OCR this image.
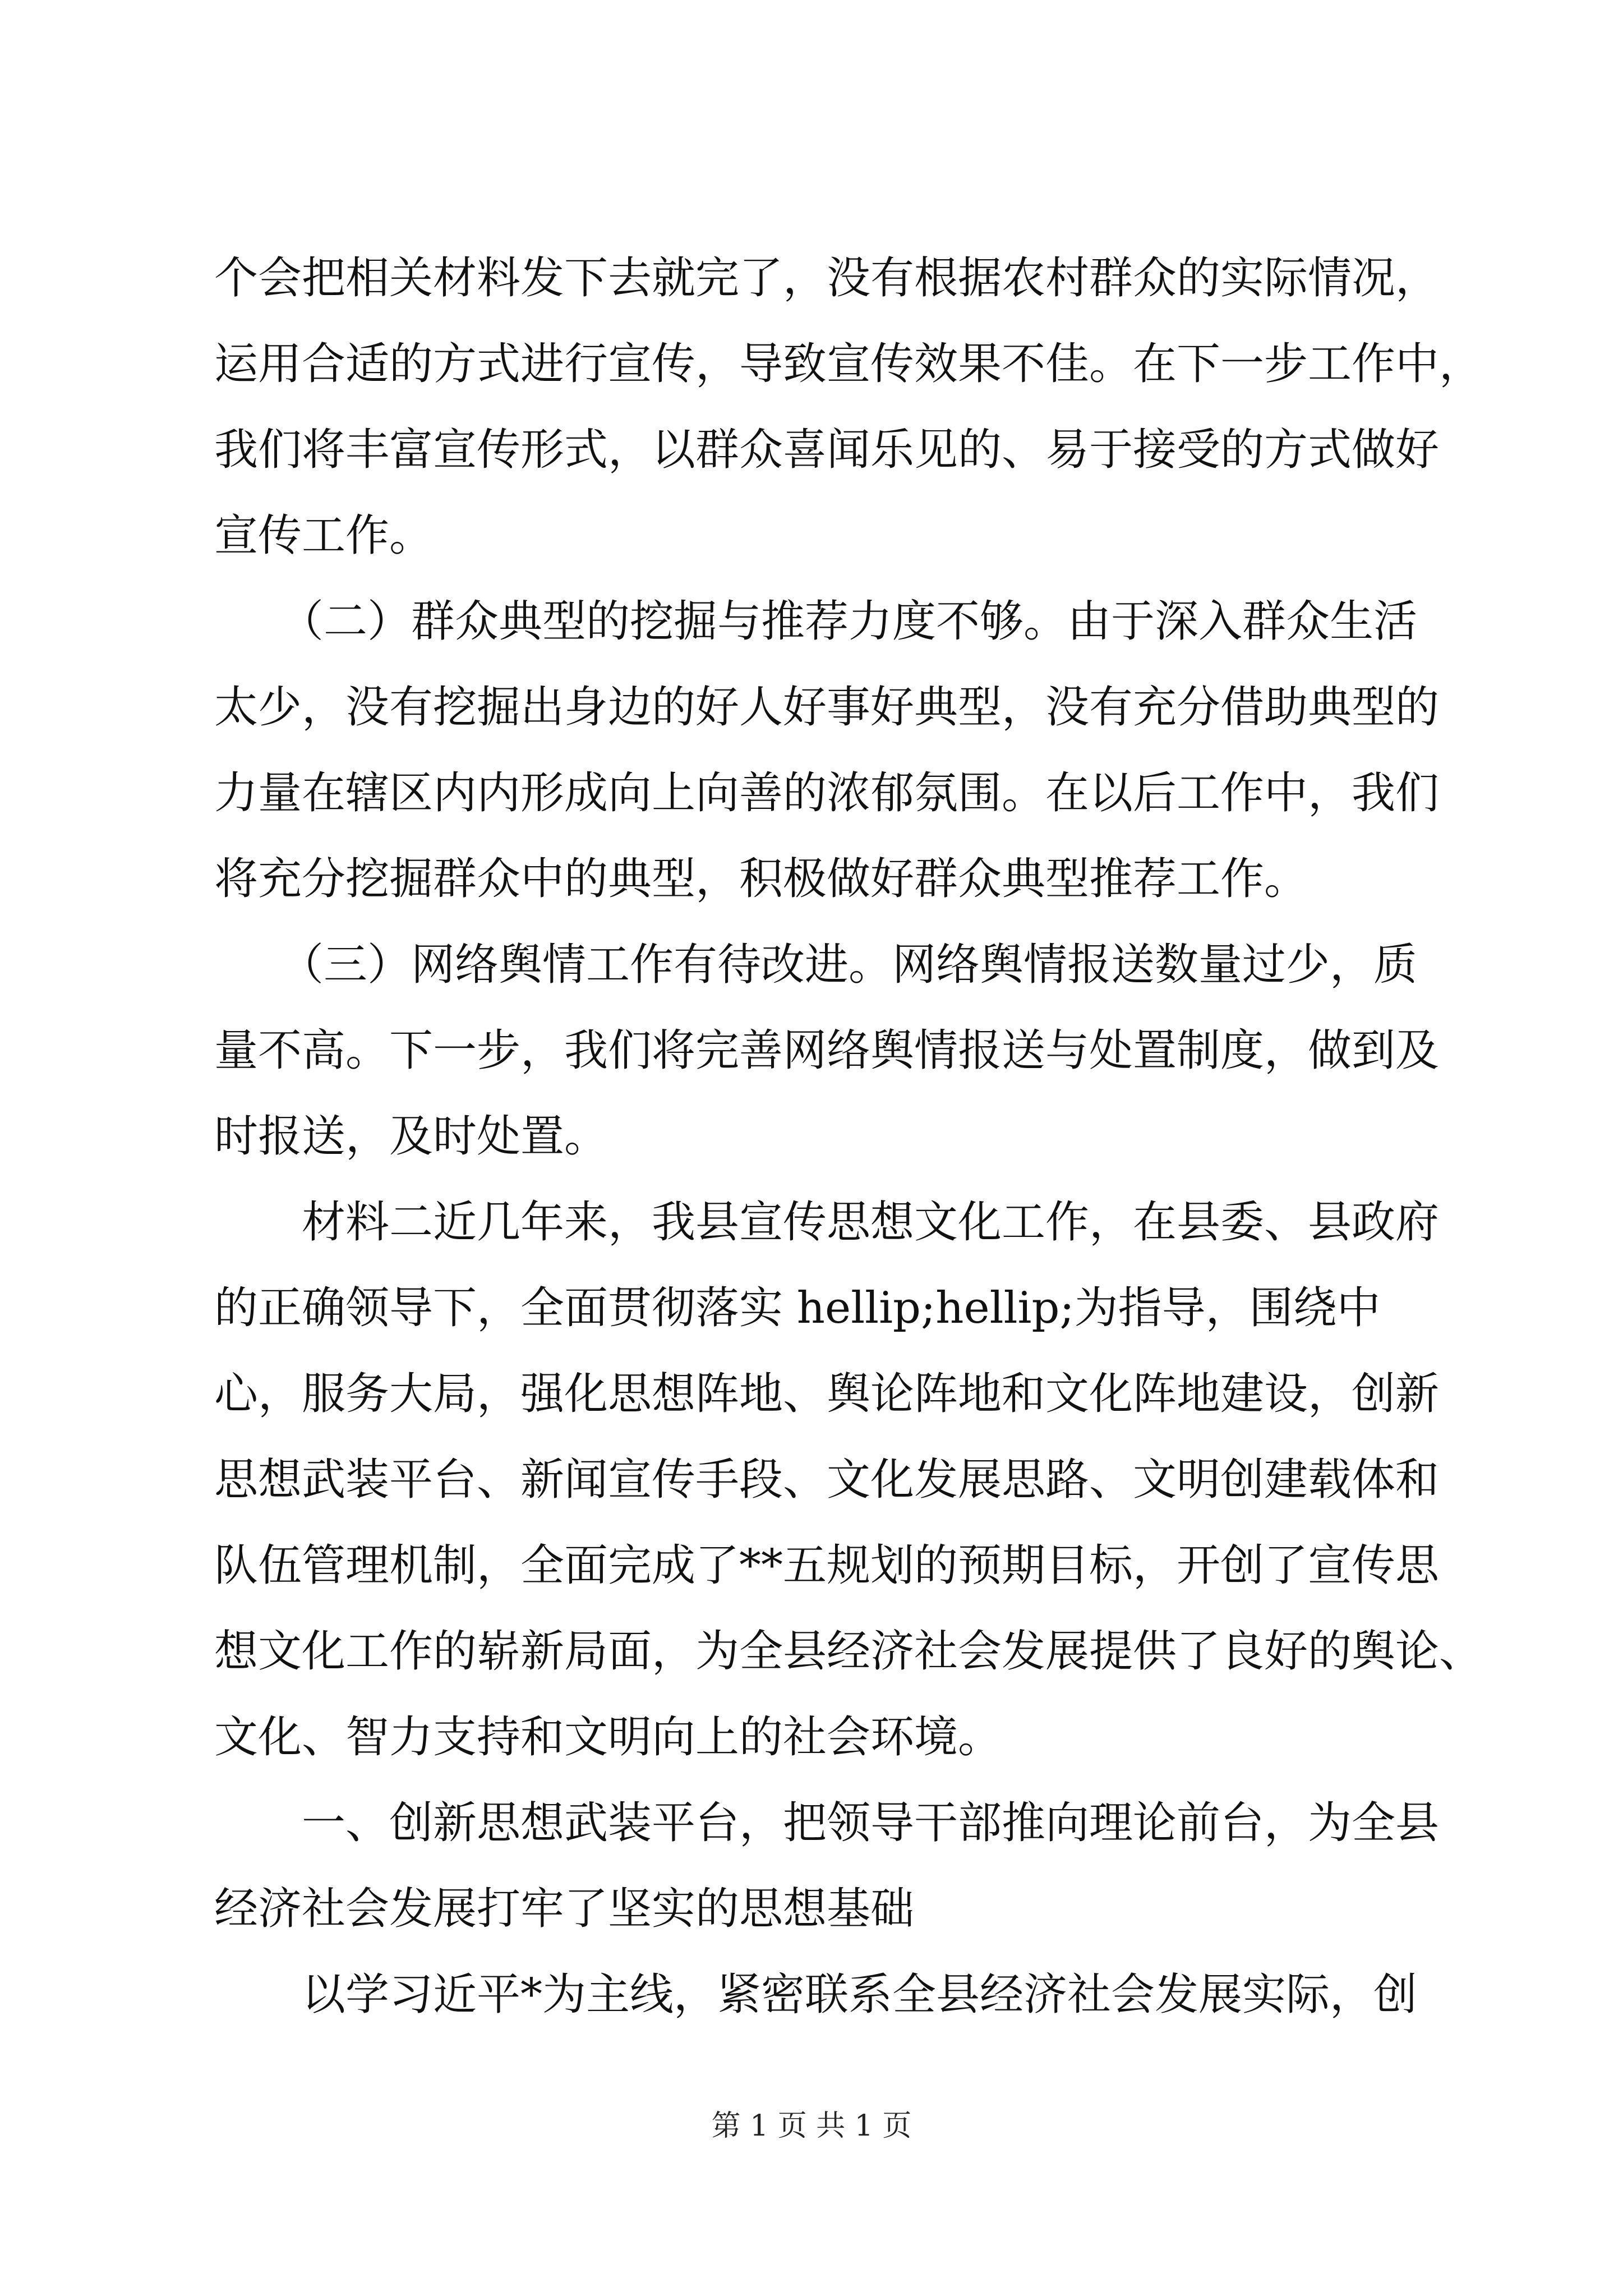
个会把相关材料发下去就完了，没有根据农村群众的实际情况，
运用合适的方式进行宣传，导致宣传效果不佳。在下一步工作中，
我们将丰富宣传形式，以群众喜闻乐见的、易于接受的方式做好
宣传工作。
　　（二）群众典型的挖掘与推荐力度不够。由于深入群众生活
太少，没有挖掘出身边的好人好事好典型，没有充分借助典型的
力量在辖区内内形成向上向善的浓郁氛围。在以后工作中，我们
将充分挖掘群众中的典型，积极做好群众典型推荐工作。
　　（三）网络舆情工作有待改进。网络舆情报送数量过少，质
量不高。下一步，我们将完善网络舆情报送与处置制度，做到及
时报送，及时处置。
　　材料二近几年来，我县宣传思想文化工作，在县委、县政府
的正确领导下，全面贯彻落实 hellip;hellip;为指导，围绕中
心，服务大局，强化思想阵地、舆论阵地和文化阵地建设，创新
思想武装平台、新闻宣传手段、文化发展思路、文明创建载体和
队伍管理机制，全面完成了**五规划的预期目标，开创了宣传思
想文化工作的崭新局面，为全县经济社会发展提供了良好的舆论、
文化、智力支持和文明向上的社会环境。
　　一、创新思想武装平台，把领导干部推向理论前台，为全县
经济社会发展打牢了坚实的思想基础
　　以学习近平*为主线，紧密联系全县经济社会发展实际，创
第 1 页 共 1 页
